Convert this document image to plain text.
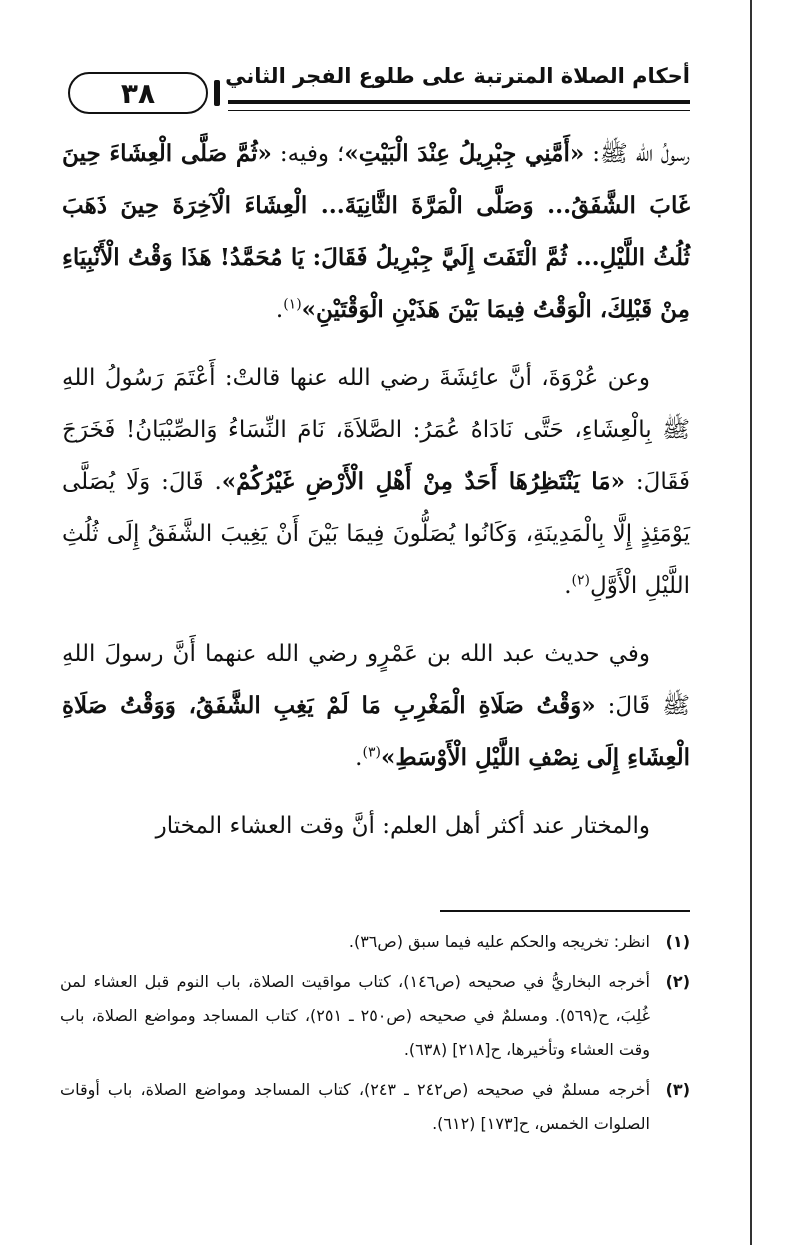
أحكام الصلاة المترتبة على طلوع الفجر الثاني
٣٨

رسولُ الله ﷺ: «أَمَّنِي جِبْرِيلُ عِنْدَ الْبَيْتِ»؛ وفيه: «ثُمَّ صَلَّى الْعِشَاءَ حِينَ غَابَ الشَّفَقُ... وَصَلَّى الْمَرَّةَ الثَّانِيَةَ... الْعِشَاءَ الْآخِرَةَ حِينَ ذَهَبَ ثُلُثُ اللَّيْلِ... ثُمَّ الْتَفَتَ إِلَيَّ جِبْرِيلُ فَقَالَ: يَا مُحَمَّدُ! هَذَا وَقْتُ الْأَنْبِيَاءِ مِنْ قَبْلِكَ، الْوَقْتُ فِيمَا بَيْنَ هَذَيْنِ الْوَقْتَيْنِ»$^{(١)}$.

وعن عُرْوَةَ، أنَّ عائِشَةَ رضي الله عنها قالتْ: أَعْتَمَ رَسُولُ اللهِ ﷺ بِالْعِشَاءِ، حَتَّى نَادَاهُ عُمَرُ: الصَّلاَةَ، نَامَ النِّسَاءُ وَالصِّبْيَانُ! فَخَرَجَ فَقَالَ: «مَا يَنْتَظِرُهَا أَحَدٌ مِنْ أَهْلِ الْأَرْضِ غَيْرُكُمْ». قَالَ: وَلَا يُصَلَّى يَوْمَئِذٍ إِلَّا بِالْمَدِينَةِ، وَكَانُوا يُصَلُّونَ فِيمَا بَيْنَ أَنْ يَغِيبَ الشَّفَقُ إِلَى ثُلُثِ اللَّيْلِ الْأَوَّلِ$^{(٢)}$.

وفي حديث عبد الله بن عَمْرٍو رضي الله عنهما أَنَّ رسولَ اللهِ ﷺ قَالَ: «وَقْتُ صَلَاةِ الْمَغْرِبِ مَا لَمْ يَغِبِ الشَّفَقُ، وَوَقْتُ صَلَاةِ الْعِشَاءِ إِلَى نِصْفِ اللَّيْلِ الْأَوْسَطِ»$^{(٣)}$.

والمختار عند أكثر أهل العلم: أنَّ وقت العشاء المختار

(١)
انظر: تخريجه والحكم عليه فيما سبق (ص٣٦).
(٢)
أخرجه البخاريُّ في صحيحه (ص١٤٦)، كتاب مواقيت الصلاة، باب النوم قبل العشاء لمن غُلِبَ، ح(٥٦٩). ومسلمٌ في صحيحه (ص٢٥٠ ـ ٢٥١)، كتاب المساجد ومواضع الصلاة، باب وقت العشاء وتأخيرها، ح[٢١٨] (٦٣٨).
(٣)
أخرجه مسلمٌ في صحيحه (ص٢٤٢ ـ ٢٤٣)، كتاب المساجد ومواضع الصلاة، باب أوقات الصلوات الخمس، ح[١٧٣] (٦١٢).
